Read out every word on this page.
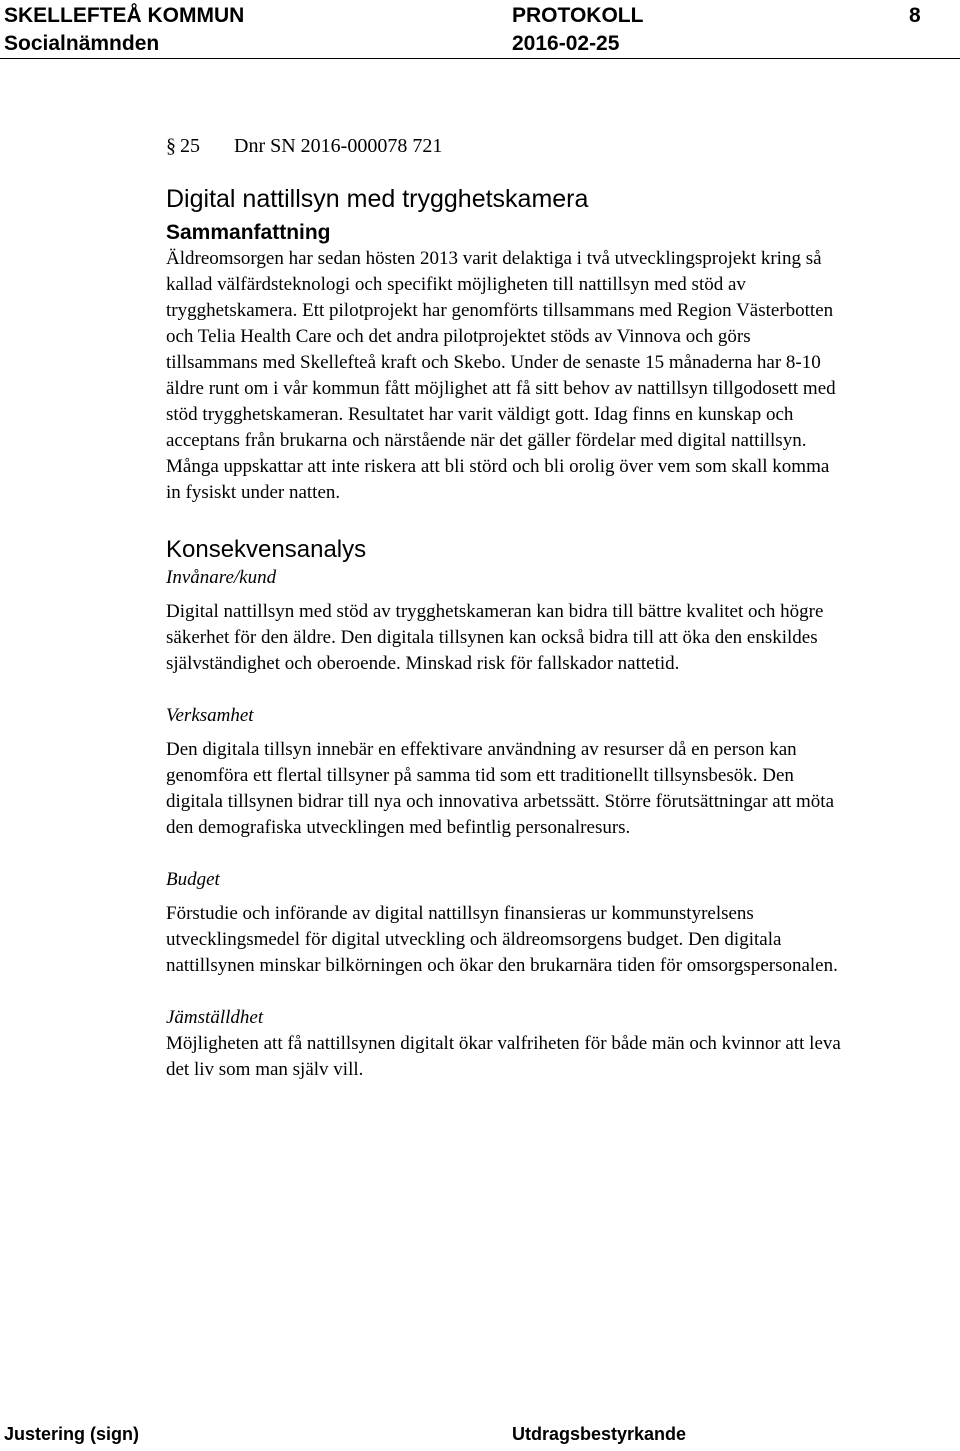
SKELLEFTEÅ KOMMUN	PROTOKOLL	8
Socialnämnden	2016-02-25
§ 25 Dnr SN 2016-000078 721
Digital nattillsyn med trygghetskamera
Sammanfattning

Äldreomsorgen har sedan hösten 2013 varit delaktiga i två utvecklingsprojekt kring så kallad välfärdsteknologi och specifikt möjligheten till nattillsyn med stöd av trygghetskamera. Ett pilotprojekt har genomförts tillsammans med Region Västerbotten och Telia Health Care och det andra pilotprojektet stöds av Vinnova och görs tillsammans med Skellefteå kraft och Skebo. Under de senaste 15 månaderna har 8-10 äldre runt om i vår kommun fått möjlighet att få sitt behov av nattillsyn tillgodosett med stöd trygghetskameran. Resultatet har varit väldigt gott. Idag finns en kunskap och acceptans från brukarna och närstående när det gäller fördelar med digital nattillsyn. Många uppskattar att inte riskera att bli störd och bli orolig över vem som skall komma in fysiskt under natten.

Konsekvensanalys

Invånare/kund

Digital nattillsyn med stöd av trygghetskameran kan bidra till bättre kvalitet och högre säkerhet för den äldre. Den digitala tillsynen kan också bidra till att öka den enskildes självständighet och oberoende. Minskad risk för fallskador nattetid.

Verksamhet

Den digitala tillsyn innebär en effektivare användning av resurser då en person kan genomföra ett flertal tillsyner på samma tid som ett traditionellt tillsynsbesök. Den digitala tillsynen bidrar till nya och innovativa arbetssätt. Större förutsättningar att möta den demografiska utvecklingen med befintlig personalresurs.

Budget

Förstudie och införande av digital nattillsyn finansieras ur kommunstyrelsens utvecklingsmedel för digital utveckling och äldreomsorgens budget. Den digitala nattillsynen minskar bilkörningen och ökar den brukarnära tiden för omsorgspersonalen.

Jämställdhet

Möjligheten att få nattillsynen digitalt ökar valfriheten för både män och kvinnor att leva det liv som man själv vill.

Justering (sign)	Utdragsbestyrkande
